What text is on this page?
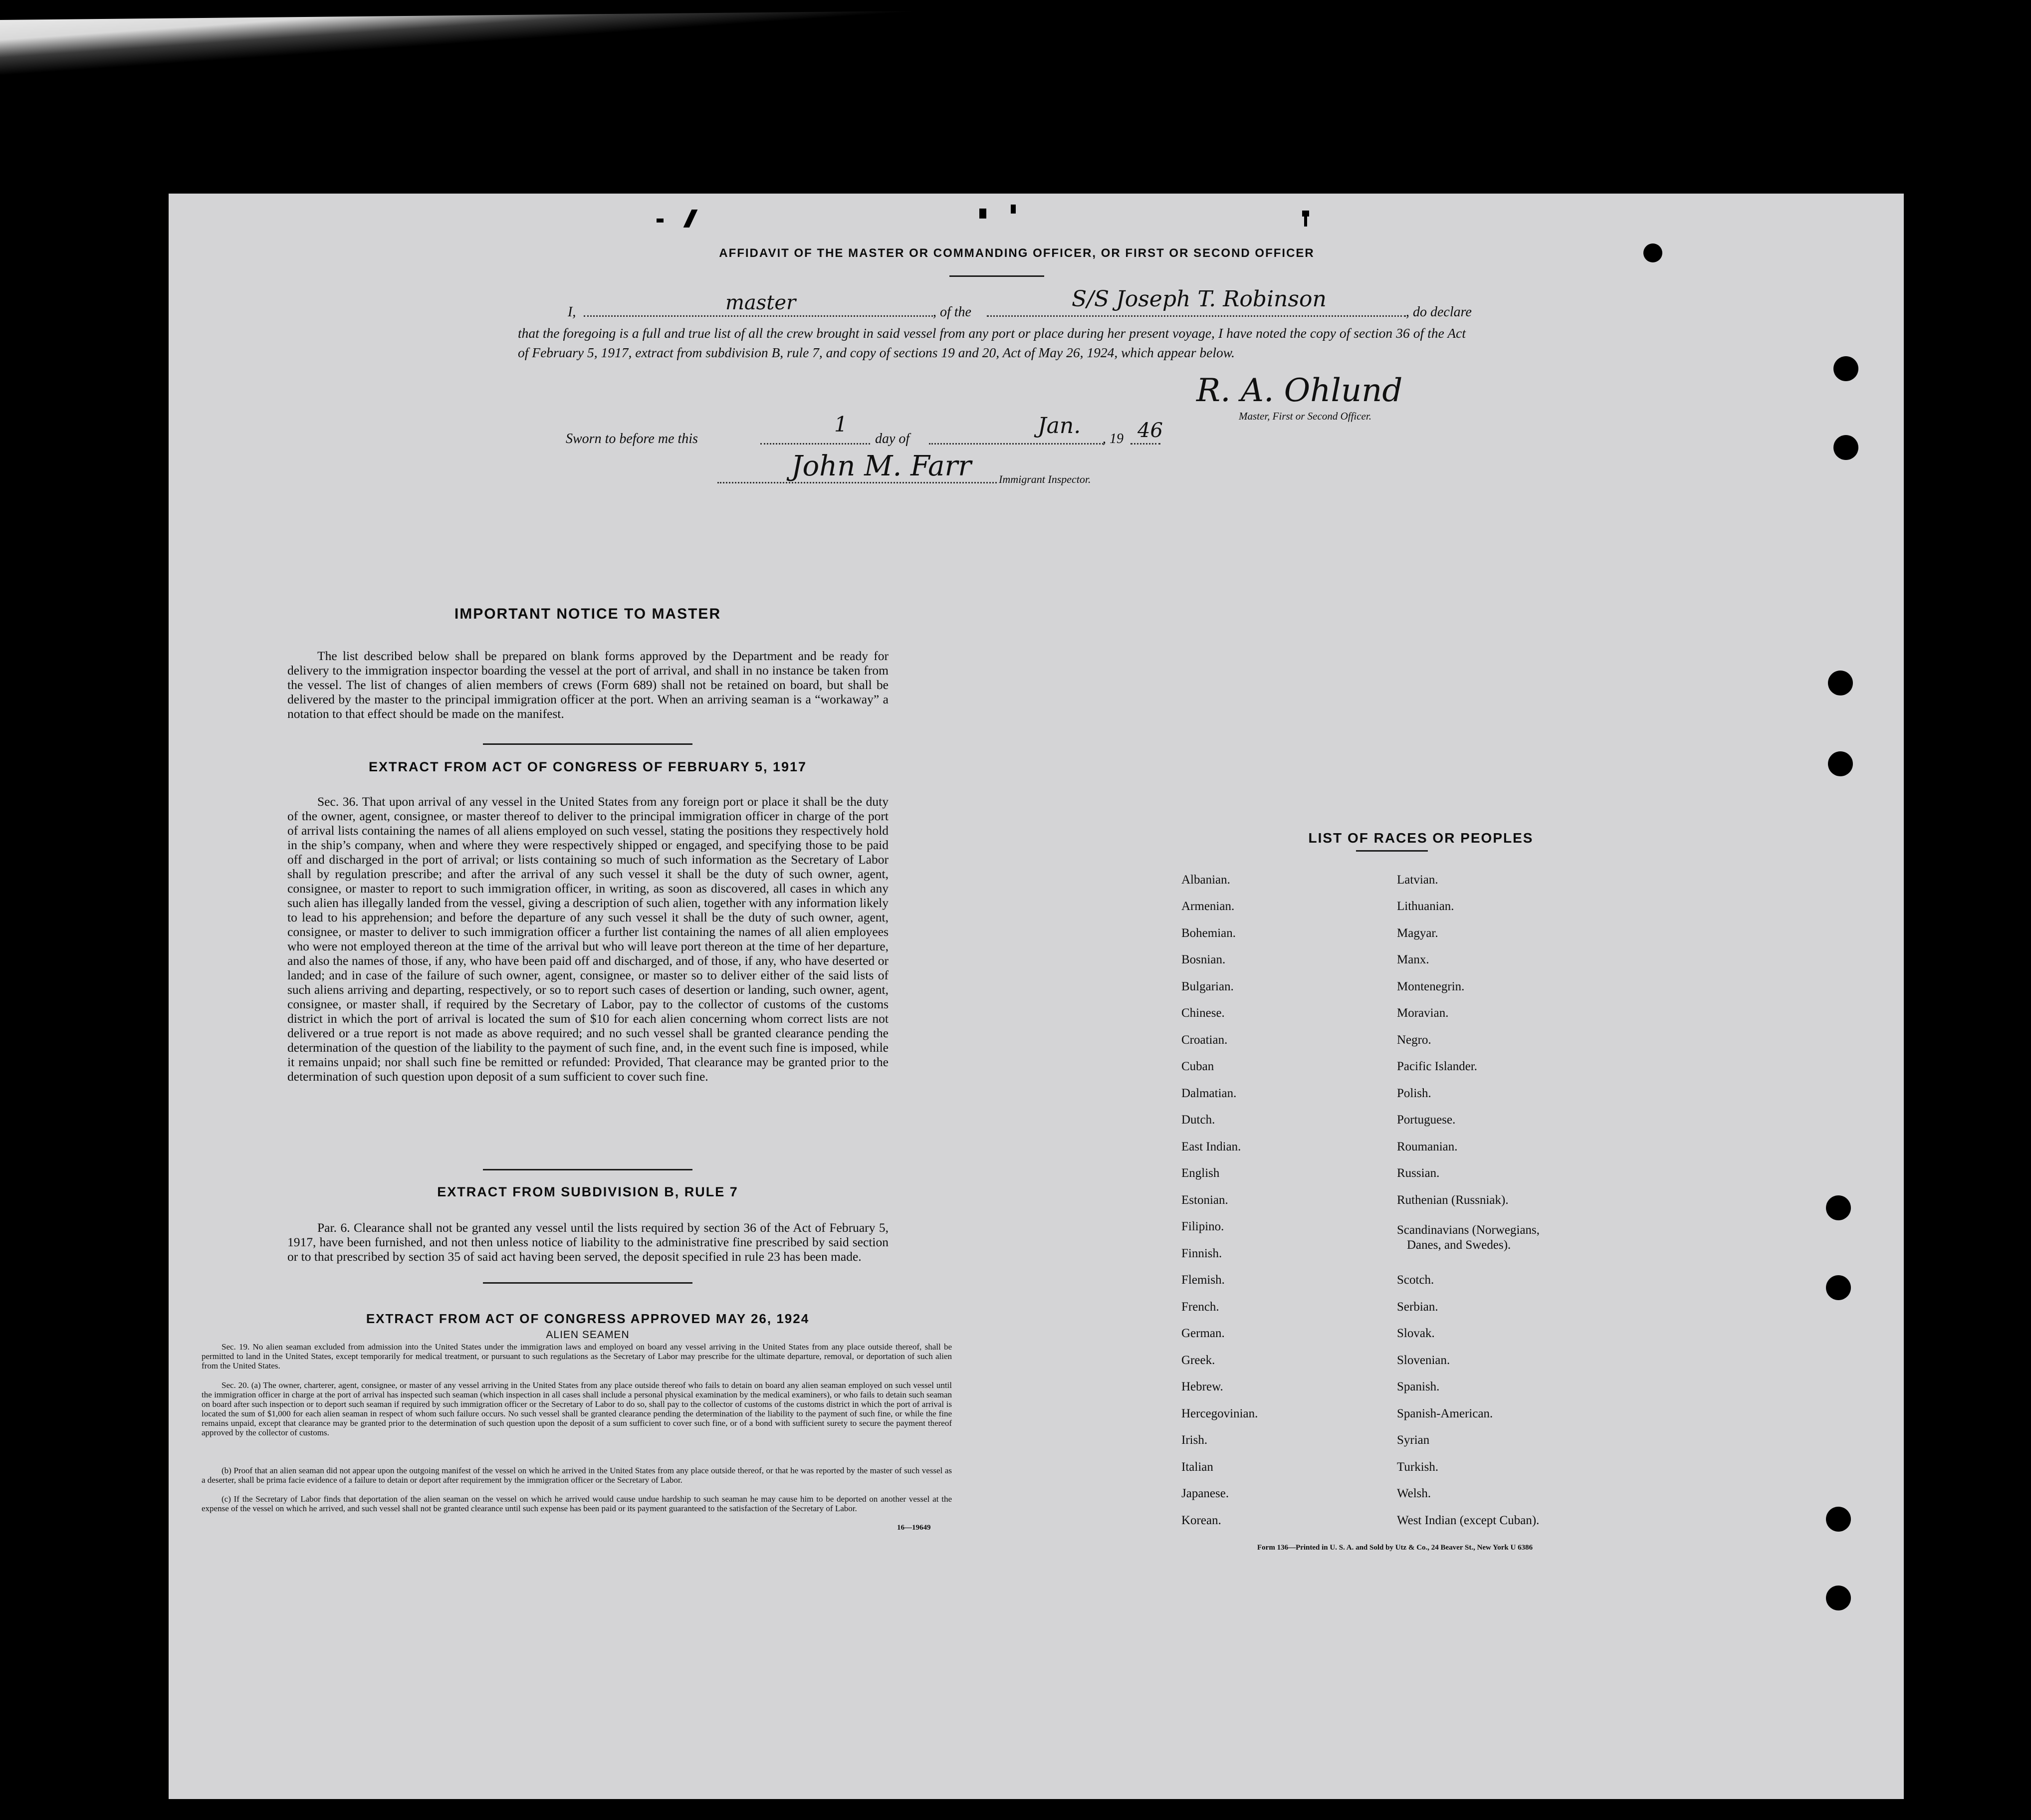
AFFIDAVIT OF THE MASTER OR COMMANDING OFFICER, OR FIRST OR SECOND OFFICER
I,	master	, of the
S/S Joseph T. Robinson
, do declare
that the foregoing is a full and true list of all the crew brought in said vessel from any port or place during her present voyage, I have noted the copy of section 36 of the Act of February 5, 1917, extract from subdivision B, rule 7, and copy of sections 19 and 20, Act of May 26, 1924, which appear below.
R. A. Ohlund
Master, First or Second Officer.
Sworn to before me this
1
day of
Jan.
, 19 46
John M. Farr Immigrant Inspector.
IMPORTANT NOTICE TO MASTER
The list described below shall be prepared on blank forms approved by the Department and be ready for delivery to the immigration inspector boarding the vessel at the port of arrival, and shall in no instance be taken from the vessel. The list of changes of alien members of crews (Form 689) shall not be retained on board, but shall be delivered by the master to the principal immigration officer at the port. When an arriving seaman is a “workaway” a notation to that effect should be made on the manifest.
EXTRACT FROM ACT OF CONGRESS OF FEBRUARY 5, 1917
Sec. 36. That upon arrival of any vessel in the United States from any foreign port or place it shall be the duty of the owner, agent, consignee, or master thereof to deliver to the principal immigration officer in charge of the port of arrival lists containing the names of all aliens employed on such vessel, stating the positions they respectively hold in the ship’s company, when and where they were respectively shipped or engaged, and specifying those to be paid off and discharged in the port of arrival; or lists containing so much of such information as the Secretary of Labor shall by regulation prescribe; and after the arrival of any such vessel it shall be the duty of such owner, agent, consignee, or master to report to such immigration officer, in writing, as soon as discovered, all cases in which any such alien has illegally landed from the vessel, giving a description of such alien, together with any information likely to lead to his apprehension; and before the departure of any such vessel it shall be the duty of such owner, agent, consignee, or master to deliver to such immigration officer a further list containing the names of all alien employees who were not employed thereon at the time of the arrival but who will leave port thereon at the time of her departure, and also the names of those, if any, who have been paid off and discharged, and of those, if any, who have deserted or landed; and in case of the failure of such owner, agent, consignee, or master so to deliver either of the said lists of such aliens arriving and departing, respectively, or so to report such cases of desertion or landing, such owner, agent, consignee, or master shall, if required by the Secretary of Labor, pay to the collector of customs of the customs district in which the port of arrival is located the sum of $10 for each alien concerning whom correct lists are not delivered or a true report is not made as above required; and no such vessel shall be granted clearance pending the determination of the question of the liability to the payment of such fine, and, in the event such fine is imposed, while it remains unpaid; nor shall such fine be remitted or refunded: Provided, That clearance may be granted prior to the determination of such question upon deposit of a sum sufficient to cover such fine.
EXTRACT FROM SUBDIVISION B, RULE 7
Par. 6. Clearance shall not be granted any vessel until the lists required by section 36 of the Act of February 5, 1917, have been furnished, and not then unless notice of liability to the administrative fine prescribed by said section or to that prescribed by section 35 of said act having been served, the deposit specified in rule 23 has been made.
EXTRACT FROM ACT OF CONGRESS APPROVED MAY 26, 1924
ALIEN SEAMEN
Sec. 19. No alien seaman excluded from admission into the United States under the immigration laws and employed on board any vessel arriving in the United States from any place outside thereof, shall be permitted to land in the United States, except temporarily for medical treatment, or pursuant to such regulations as the Secretary of Labor may prescribe for the ultimate departure, removal, or deportation of such alien from the United States.
Sec. 20. (a) The owner, charterer, agent, consignee, or master of any vessel arriving in the United States from any place outside thereof who fails to detain on board any alien seaman employed on such vessel until the immigration officer in charge at the port of arrival has inspected such seaman (which inspection in all cases shall include a personal physical examination by the medical examiners), or who fails to detain such seaman on board after such inspection or to deport such seaman if required by such immigration officer or the Secretary of Labor to do so, shall pay to the collector of customs of the customs district in which the port of arrival is located the sum of $1,000 for each alien seaman in respect of whom such failure occurs. No such vessel shall be granted clearance pending the determination of the liability to the payment of such fine, or while the fine remains unpaid, except that clearance may be granted prior to the determination of such question upon the deposit of a sum sufficient to cover such fine, or of a bond with sufficient surety to secure the payment thereof approved by the collector of customs.
(b) Proof that an alien seaman did not appear upon the outgoing manifest of the vessel on which he arrived in the United States from any place outside thereof, or that he was reported by the master of such vessel as a deserter, shall be prima facie evidence of a failure to detain or deport after requirement by the immigration officer or the Secretary of Labor.
(c) If the Secretary of Labor finds that deportation of the alien seaman on the vessel on which he arrived would cause undue hardship to such seaman he may cause him to be deported on another vessel at the expense of the vessel on which he arrived, and such vessel shall not be granted clearance until such expense has been paid or its payment guaranteed to the satisfaction of the Secretary of Labor.
16—19649
LIST OF RACES OR PEOPLES
Albanian.
Armenian.
Bohemian.
Bosnian.
Bulgarian.
Chinese.
Croatian.
Cuban
Dalmatian.
Dutch.
East Indian.
English
Estonian.
Filipino.
Finnish.
Flemish.
French.
German.
Greek.
Hebrew.
Hercegovinian.
Irish.
Italian
Japanese.
Korean.
Latvian.
Lithuanian.
Magyar.
Manx.
Montenegrin.
Moravian.
Negro.
Pacific Islander.
Polish.
Portuguese.
Roumanian.
Russian.
Ruthenian (Russniak).
Scandinavians (Norwegians,
Danes, and Swedes).
Scotch.
Serbian.
Slovak.
Slovenian.
Spanish.
Spanish-American.
Syrian
Turkish.
Welsh.
West Indian (except Cuban).
Form 136—Printed in U. S. A. and Sold by Utz & Co., 24 Beaver St., New York U 6386
